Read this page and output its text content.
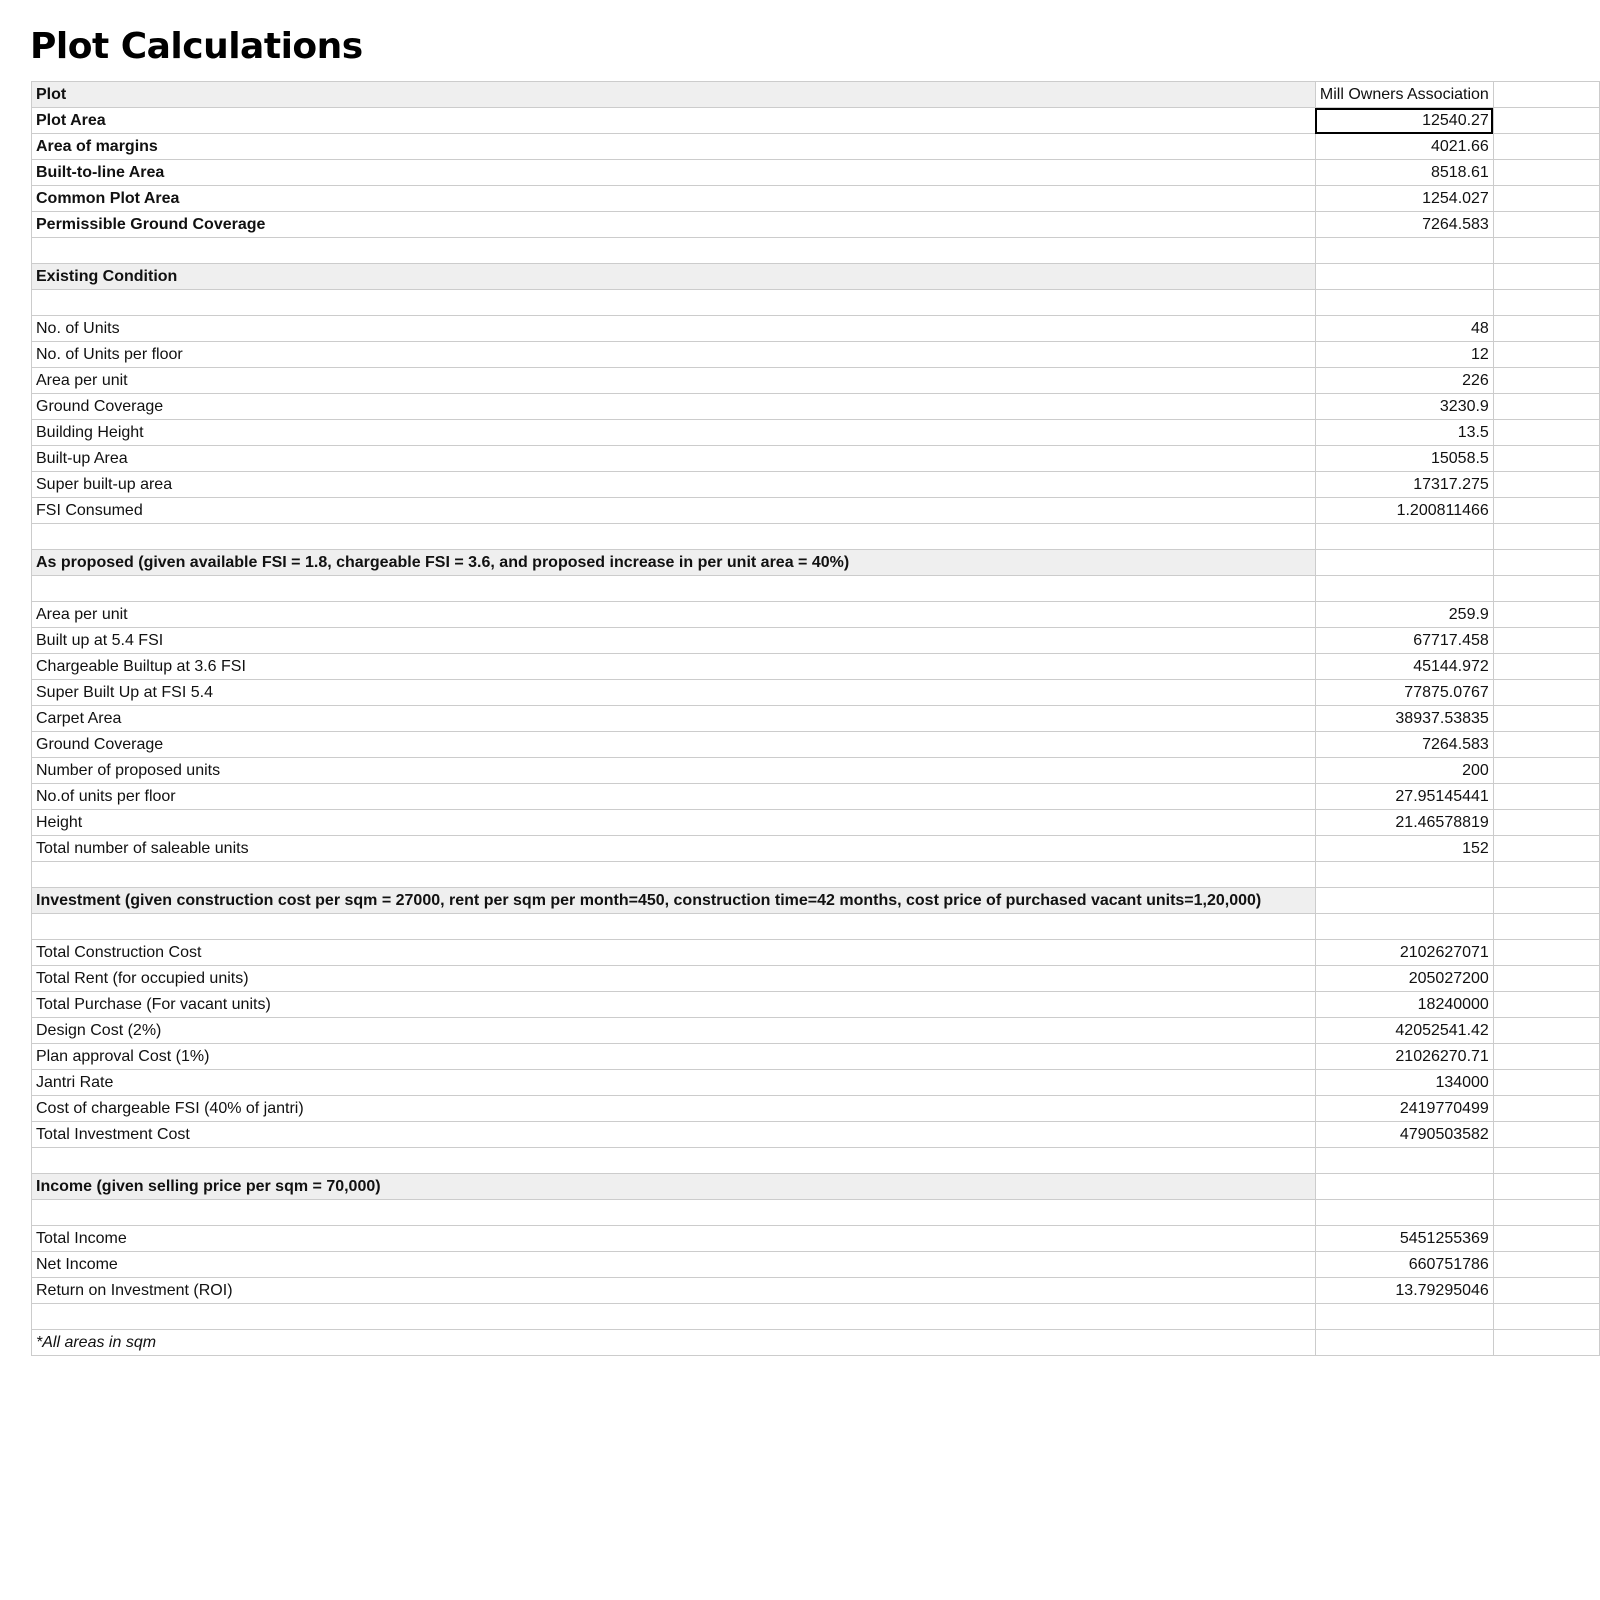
Plot Calculations
Plot	Mill Owners Association	
Plot Area	12540.27	
Area of margins	4021.66	
Built-to-line Area	8518.61	
Common Plot Area	1254.027	
Permissible Ground Coverage	7264.583	

Existing Condition		

No. of Units	48	
No. of Units per floor	12	
Area per unit	226	
Ground Coverage	3230.9	
Building Height	13.5	
Built-up Area	15058.5	
Super built-up area	17317.275	
FSI Consumed	1.200811466	

As proposed (given available FSI = 1.8, chargeable FSI = 3.6, and proposed increase in per unit area = 40%)		

Area per unit	259.9	
Built up at 5.4 FSI	67717.458	
Chargeable Builtup at 3.6 FSI	45144.972	
Super Built Up at FSI 5.4	77875.0767	
Carpet Area	38937.53835	
Ground Coverage	7264.583	
Number of proposed units	200	
No.of units per floor	27.95145441	
Height	21.46578819	
Total number of saleable units	152	

Investment (given construction cost per sqm = 27000, rent per sqm per month=450, construction time=42 months, cost price of purchased vacant units=1,20,000)		

Total Construction Cost	2102627071	
Total Rent (for occupied units)	205027200	
Total Purchase (For vacant units)	18240000	
Design Cost (2%)	42052541.42	
Plan approval Cost (1%)	21026270.71	
Jantri Rate	134000	
Cost of chargeable FSI (40% of jantri)	2419770499	
Total Investment Cost	4790503582	

Income (given selling price per sqm = 70,000)		

Total Income	5451255369	
Net Income	660751786	
Return on Investment (ROI)	13.79295046	

*All areas in sqm		
